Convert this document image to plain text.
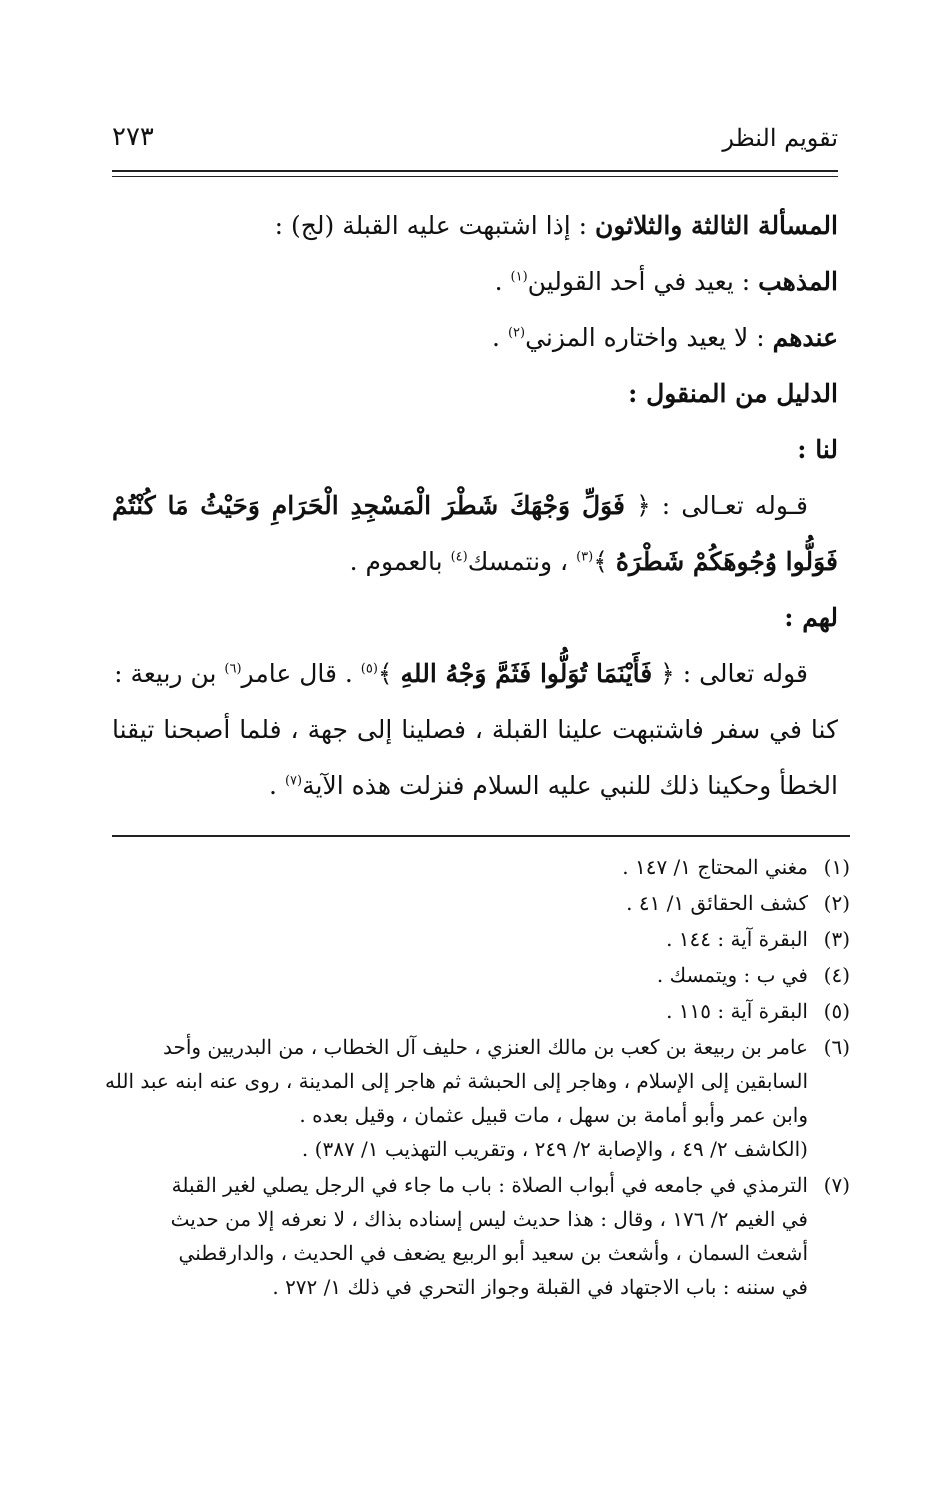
تقويم النظر
٢٧٣
المسألة الثالثة والثلاثون : إذا اشتبهت عليه القبلة (لج) :
المذهب : يعيد في أحد القولين$^{(١)}$ .
عندهم : لا يعيد واختاره المزني$^{(٢)}$ .
الدليل من المنقول :
لنا :
قـوله تعـالى : ﴿ فَوَلِّ وَجْهَكَ شَطْرَ الْمَسْجِدِ الْحَرَامِ وَحَيْثُ مَا كُنْتُمْ
فَوَلُّوا وُجُوهَكُمْ شَطْرَهُ ﴾$^{(٣)}$ ، ونتمسك$^{(٤)}$ بالعموم .
لهم :
قوله تعالى : ﴿ فَأَيْنَمَا تُوَلُّوا فَثَمَّ وَجْهُ اللهِ ﴾$^{(٥)}$ . قال عامر$^{(٦)}$ بن ربيعة :
كنا في سفر فاشتبهت علينا القبلة ، فصلينا إلى جهة ، فلما أصبحنا تيقنا
الخطأ وحكينا ذلك للنبي عليه السلام فنزلت هذه الآية$^{(٧)}$ .
(١)
مغني المحتاج ١/ ١٤٧ .
(٢)
كشف الحقائق ١/ ٤١ .
(٣)
البقرة آية : ١٤٤ .
(٤)
في ب : ويتمسك .
(٥)
البقرة آية : ١١٥ .
(٦)
عامر بن ربيعة بن كعب بن مالك العنزي ، حليف آل الخطاب ، من البدريين وأحد
السابقين إلى الإسلام ، وهاجر إلى الحبشة ثم هاجر إلى المدينة ، روى عنه ابنه عبد الله
وابن عمر وأبو أمامة بن سهل ، مات قبيل عثمان ، وقيل بعده .
(الكاشف ٢/ ٤٩ ، والإصابة ٢/ ٢٤٩ ، وتقريب التهذيب ١/ ٣٨٧) .
(٧)
الترمذي في جامعه في أبواب الصلاة : باب ما جاء في الرجل يصلي لغير القبلة
في الغيم ٢/ ١٧٦ ، وقال : هذا حديث ليس إسناده بذاك ، لا نعرفه إلا من حديث
أشعث السمان ، وأشعث بن سعيد أبو الربيع يضعف في الحديث ، والدارقطني
في سننه : باب الاجتهاد في القبلة وجواز التحري في ذلك ١/ ٢٧٢ .
